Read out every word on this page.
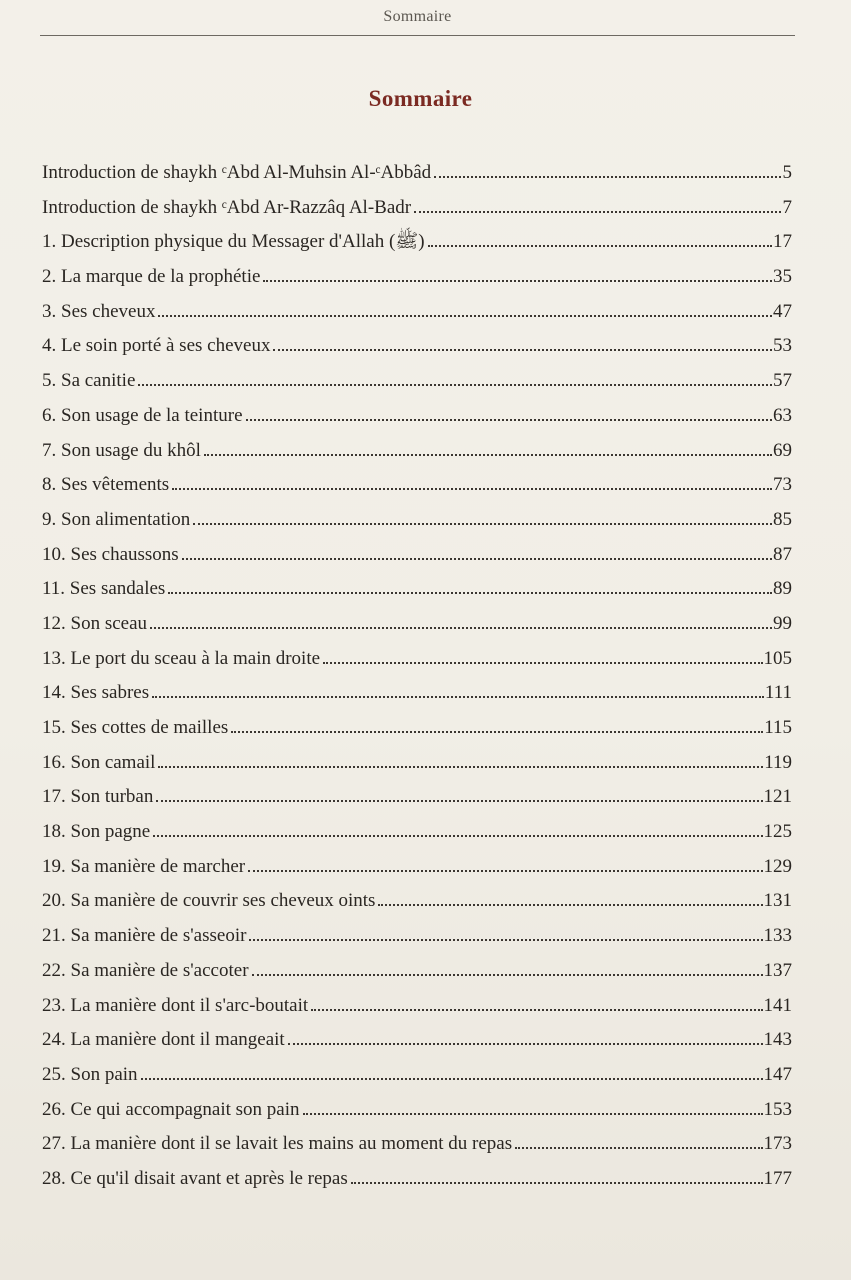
Sommaire
Sommaire
Introduction de shaykh ᶜAbd Al-Muhsin Al-ᶜAbbâd	5
Introduction de shaykh ᶜAbd Ar-Razzâq Al-Badr	7
1. Description physique du Messager d'Allah (ﷺ)	17
2. La marque de la prophétie	35
3. Ses cheveux	47
4. Le soin porté à ses cheveux	53
5. Sa canitie	57
6. Son usage de la teinture	63
7. Son usage du khôl	69
8. Ses vêtements	73
9. Son alimentation	85
10. Ses chaussons	87
11. Ses sandales	89
12. Son sceau	99
13. Le port du sceau à la main droite	105
14. Ses sabres	111
15. Ses cottes de mailles	115
16. Son camail	119
17. Son turban	121
18. Son pagne	125
19. Sa manière de marcher	129
20. Sa manière de couvrir ses cheveux oints	131
21. Sa manière de s'asseoir	133
22. Sa manière de s'accoter	137
23. La manière dont il s'arc-boutait	141
24. La manière dont il mangeait	143
25. Son pain	147
26. Ce qui accompagnait son pain	153
27. La manière dont il se lavait les mains au moment du repas	173
28. Ce qu'il disait avant et après le repas	177
